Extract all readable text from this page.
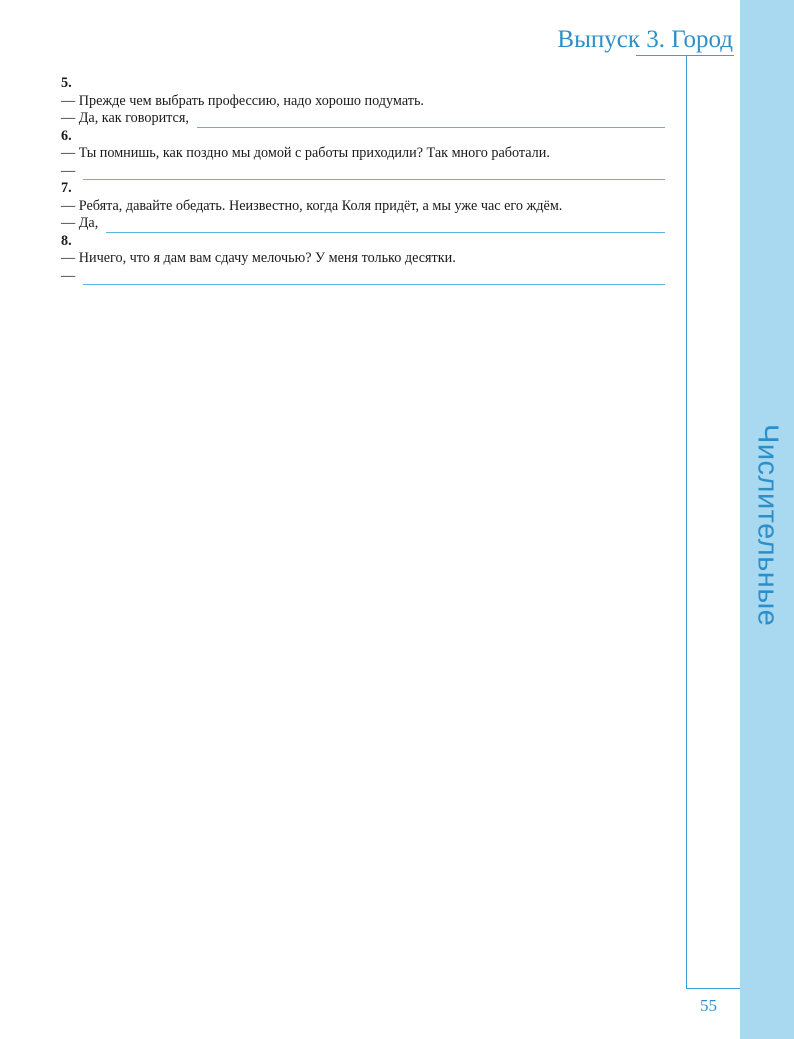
Числительные
Выпуск 3. Город
5.
— Прежде чем выбрать профессию, надо хорошо подумать.
— Да, как говорится,
6.
— Ты помнишь, как поздно мы домой с работы приходили? Так много работали.
—
7.
— Ребята, давайте обедать. Неизвестно, когда Коля придёт, а мы уже час его ждём.
— Да,
8.
— Ничего, что я дам вам сдачу мелочью? У меня только десятки.
—
55
